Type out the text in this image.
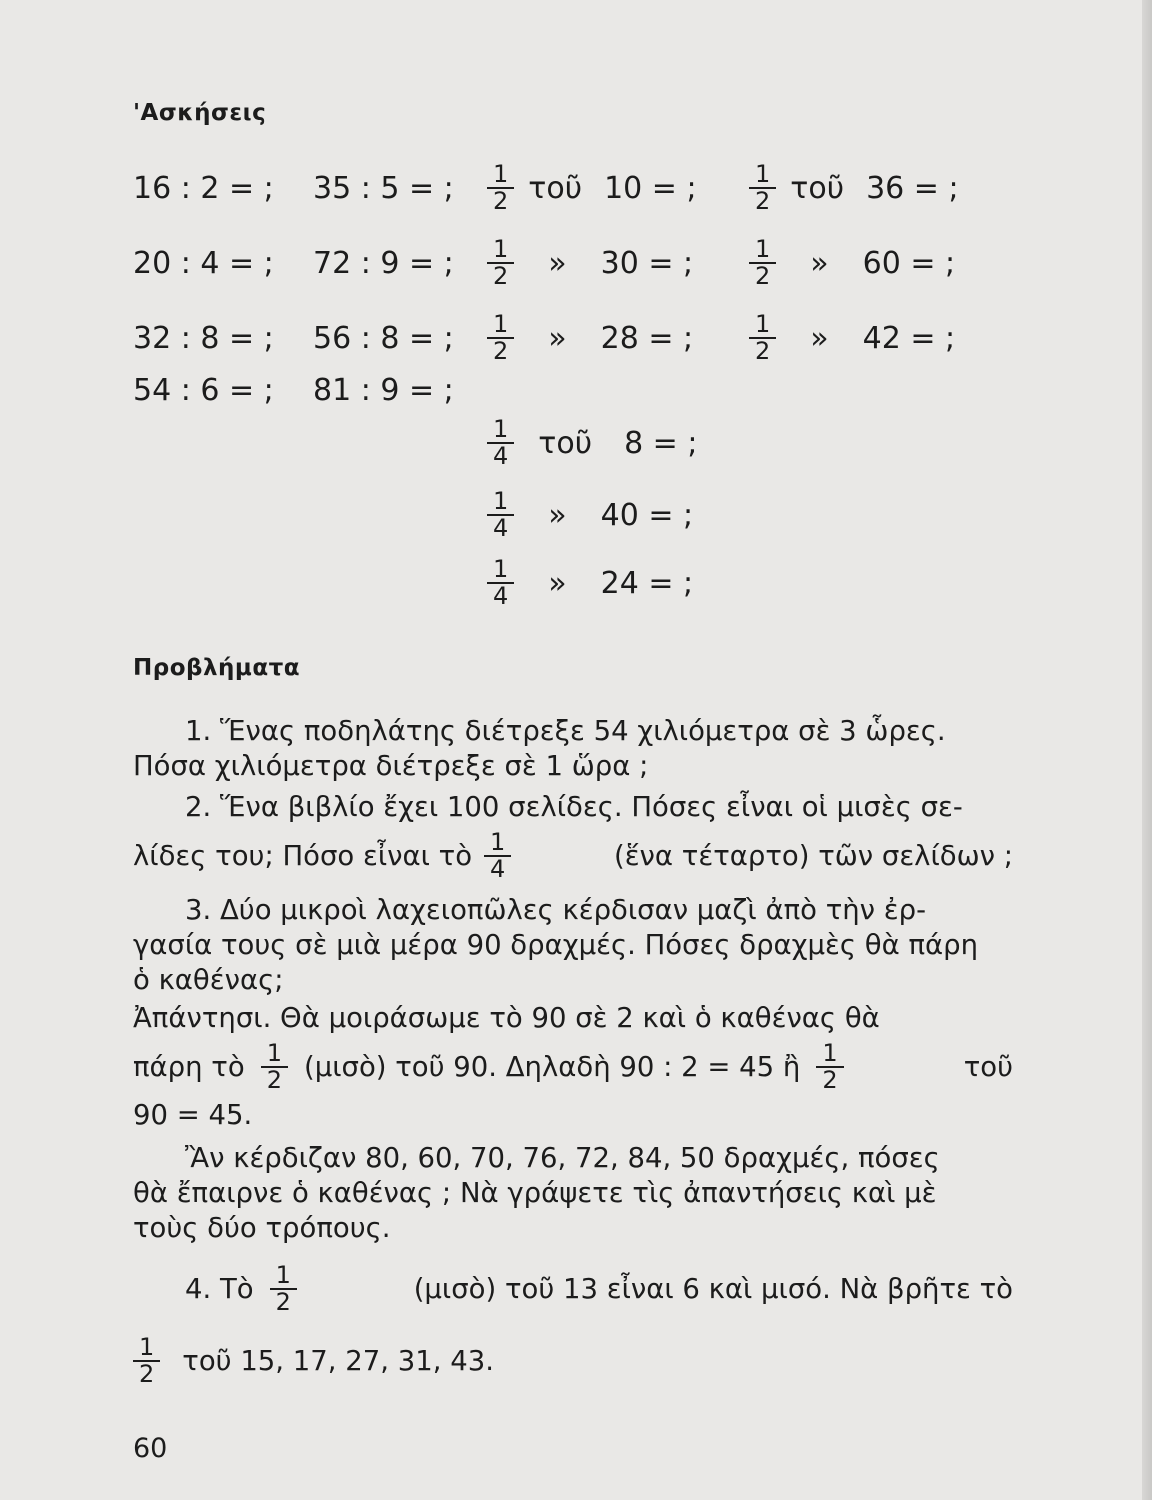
'Ασκήσεις
16 : 2 = ; 35 : 5 = ; $\frac{1}{2}$ τοῦ 10 = ; $\frac{1}{2}$ τοῦ 36 = ;
20 : 4 = ; 72 : 9 = ; $\frac{1}{2}$ » 30 = ; $\frac{1}{2}$ » 60 = ;
32 : 8 = ; 56 : 8 = ; $\frac{1}{2}$ » 28 = ; $\frac{1}{2}$ » 42 = ;
54 : 6 = ; 81 : 9 = ;
$\frac{1}{4}$ τοῦ 8 = ;
$\frac{1}{4}$ » 40 = ;
$\frac{1}{4}$ » 24 = ;
Προβλήματα
1. Ἕνας ποδηλάτης διέτρεξε 54 χιλιόμετρα σὲ 3 ὧρες.
Πόσα χιλιόμετρα διέτρεξε σὲ 1 ὥρα ;
2. Ἕνα βιβλίο ἔχει 100 σελίδες. Πόσες εἶναι οἱ μισὲς σε-
λίδες του; Πόσο εἶναι τὸ $\frac{1}{4}$	(ἕνα τέταρτο) τῶν σελίδων ;
3. Δύο μικροὶ λαχειοπῶλες κέρδισαν μαζὶ ἀπὸ τὴν ἐρ-
γασία τους σὲ μιὰ μέρα 90 δραχμές. Πόσες δραχμὲς θὰ πάρη
ὁ καθένας;
Ἀπάντησι. Θὰ μοιράσωμε τὸ 90 σὲ 2 καὶ ὁ καθένας θὰ
πάρη τὸ $\frac{1}{2}$ (μισὸ) τοῦ 90. Δηλαδὴ 90 : 2 = 45 ἢ $\frac{1}{2}$	τοῦ
90 = 45.
Ἂν κέρδιζαν 80, 60, 70, 76, 72, 84, 50 δραχμές, πόσες
θὰ ἔπαιρνε ὁ καθένας ; Νὰ γράψετε τὶς ἀπαντήσεις καὶ μὲ
τοὺς δύο τρόπους.
4. Τὸ $\frac{1}{2}$	(μισὸ) τοῦ 13 εἶναι 6 καὶ μισό. Νὰ βρῆτε τὸ
$\frac{1}{2}$ τοῦ 15, 17, 27, 31, 43.
60
